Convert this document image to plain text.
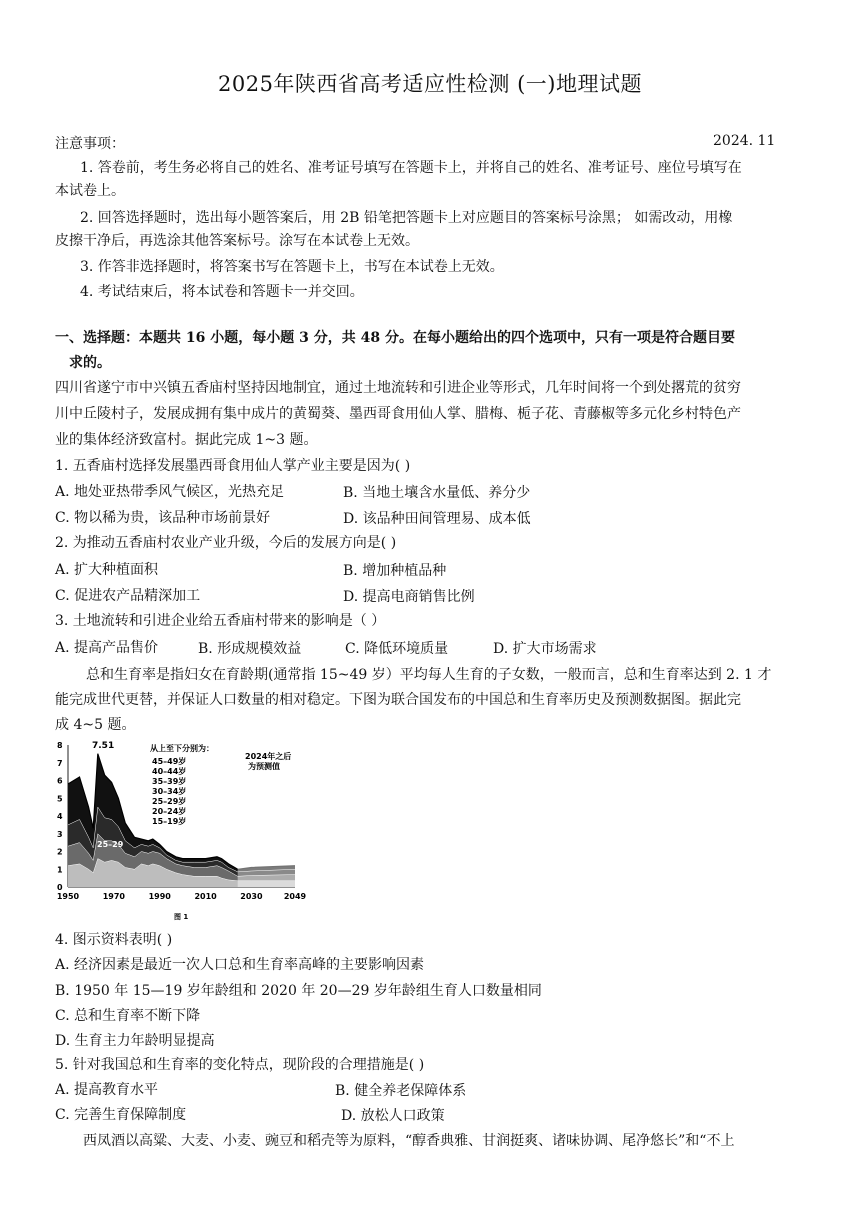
2025年陕西省高考适应性检测 (一)地理试题
注意事项：	2024. 11
1. 答卷前，考生务必将自己的姓名、准考证号填写在答题卡上，并将自己的姓名、准考证号、座位号填写在
本试卷上。
2. 回答选择题时，选出每小题答案后，用 2B 铅笔把答题卡上对应题目的答案标号涂黑； 如需改动，用橡
皮擦干净后，再选涂其他答案标号。涂写在本试卷上无效。
3. 作答非选择题时，将答案书写在答题卡上，书写在本试卷上无效。
4. 考试结束后，将本试卷和答题卡一并交回。
一、选择题：本题共 16 小题，每小题 3 分，共 48 分。在每小题给出的四个选项中，只有一项是符合题目要
求的。
四川省遂宁市中兴镇五香庙村坚持因地制宜，通过土地流转和引进企业等形式，几年时间将一个到处撂荒的贫穷
川中丘陵村子，发展成拥有集中成片的黄蜀葵、墨西哥食用仙人掌、腊梅、栀子花、青藤椒等多元化乡村特色产
业的集体经济致富村。据此完成 1~3 题。
1. 五香庙村选择发展墨西哥食用仙人掌产业主要是因为( )
A. 地处亚热带季风气候区，光热充足	B. 当地土壤含水量低、养分少
C. 物以稀为贵，该品种市场前景好	D. 该品种田间管理易、成本低
2. 为推动五香庙村农业产业升级，今后的发展方向是( )
A. 扩大种植面积	B. 增加种植品种
C. 促进农产品精深加工	D. 提高电商销售比例
3. 土地流转和引进企业给五香庙村带来的影响是（ ）
A. 提高产品售价	B. 形成规模效益	C. 降低环境质量	D. 扩大市场需求
总和生育率是指妇女在育龄期(通常指 15~49 岁）平均每人生育的子女数，一般而言，总和生育率达到 2. 1 才
能完成世代更替，并保证人口数量的相对稳定。下图为联合国发布的中国总和生育率历史及预测数据图。据此完
成 4~5 题。
0
1
2
3
4
5
6
7
8
1950	1970	1990	2010	2030	2049
从上至下分别为：
45–49岁
40–44岁
35–39岁
30–34岁
25–29岁
20–24岁
15–19岁
7.51
25–29
2024年之后
为预测值
图 1
4. 图示资料表明( )
A. 经济因素是最近一次人口总和生育率高峰的主要影响因素
B. 1950 年 15—19 岁年龄组和 2020 年 20—29 岁年龄组生育人口数量相同
C. 总和生育率不断下降
D. 生育主力年龄明显提高
5. 针对我国总和生育率的变化特点，现阶段的合理措施是( )
A. 提高教育水平	B. 健全养老保障体系
C. 完善生育保障制度	D. 放松人口政策
西凤酒以高粱、大麦、小麦、豌豆和稻壳等为原料，“醇香典雅、甘润挺爽、诸味协调、尾净悠长”和“不上
